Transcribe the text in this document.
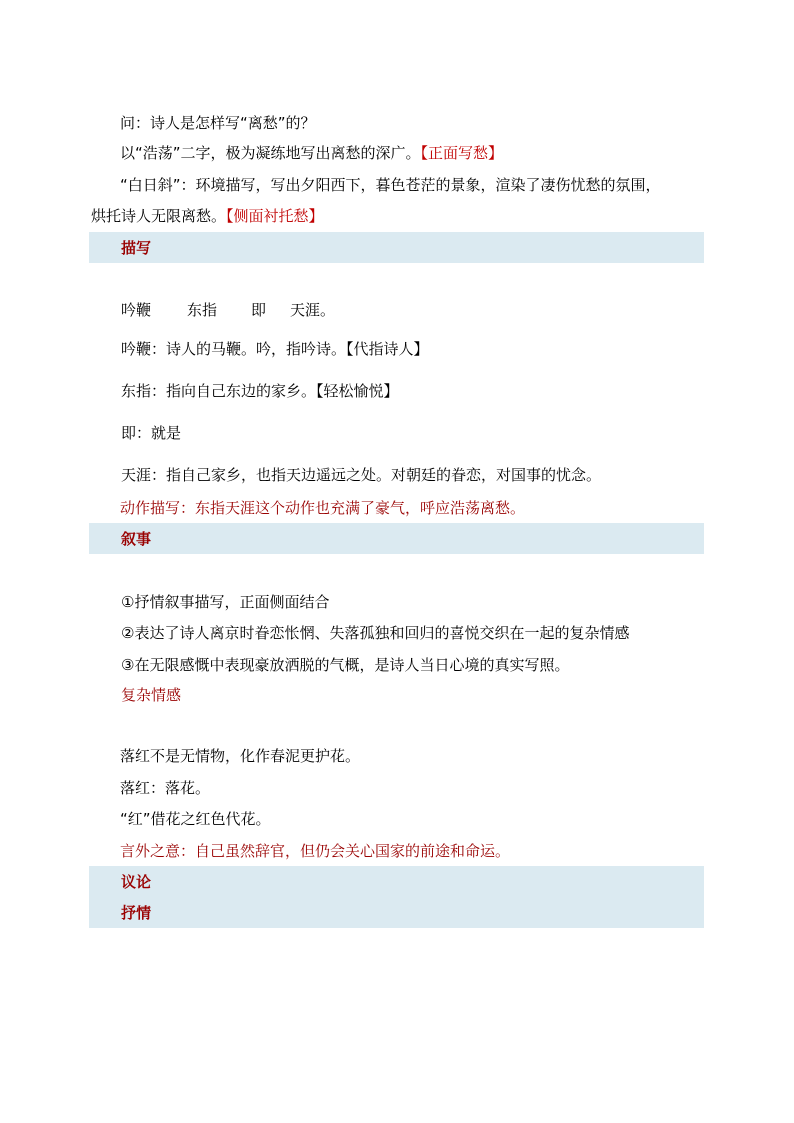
问：诗人是怎样写“离愁”的？
以“浩荡”二字，极为凝练地写出离愁的深广。【正面写愁】
“白日斜”：环境描写，写出夕阳西下，暮色苍茫的景象，渲染了凄伤忧愁的氛围，
烘托诗人无限离愁。【侧面衬托愁】
描写
吟鞭 东指 即 天涯。
吟鞭：诗人的马鞭。吟，指吟诗。【代指诗人】
东指：指向自己东边的家乡。【轻松愉悦】
即：就是
天涯：指自己家乡，也指天边遥远之处。对朝廷的眷恋，对国事的忧念。
动作描写：东指天涯这个动作也充满了豪气，呼应浩荡离愁。
叙事
①抒情叙事描写，正面侧面结合
②表达了诗人离京时眷恋怅惘、失落孤独和回归的喜悦交织在一起的复杂情感
③在无限感慨中表现豪放洒脱的气概，是诗人当日心境的真实写照。
复杂情感
落红不是无情物，化作春泥更护花。
落红：落花。
“红”借花之红色代花。
言外之意：自己虽然辞官，但仍会关心国家的前途和命运。
议论
抒情
